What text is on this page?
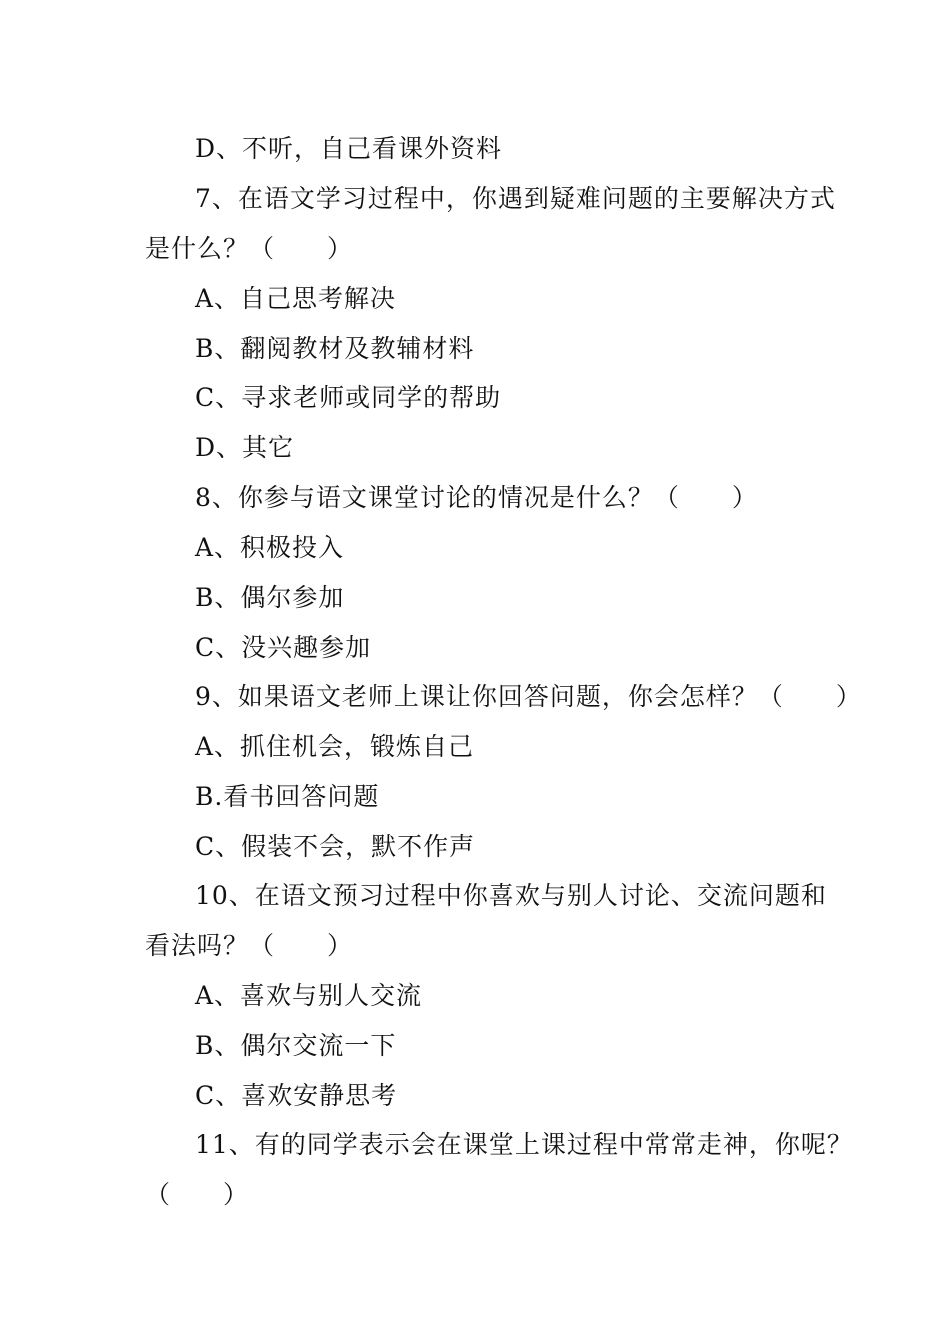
D、不听，自己看课外资料
7、在语文学习过程中，你遇到疑难问题的主要解决方式
是什么？（　　）
A、自己思考解决
B、翻阅教材及教辅材料
C、寻求老师或同学的帮助
D、其它
8、你参与语文课堂讨论的情况是什么？（　　）
A、积极投入
B、偶尔参加
C、没兴趣参加
9、如果语文老师上课让你回答问题，你会怎样？（　　）
A、抓住机会，锻炼自己
B.看书回答问题
C、假装不会，默不作声
10、在语文预习过程中你喜欢与别人讨论、交流问题和
看法吗？（　　）
A、喜欢与别人交流
B、偶尔交流一下
C、喜欢安静思考
11、有的同学表示会在课堂上课过程中常常走神，你呢？
（　　）
